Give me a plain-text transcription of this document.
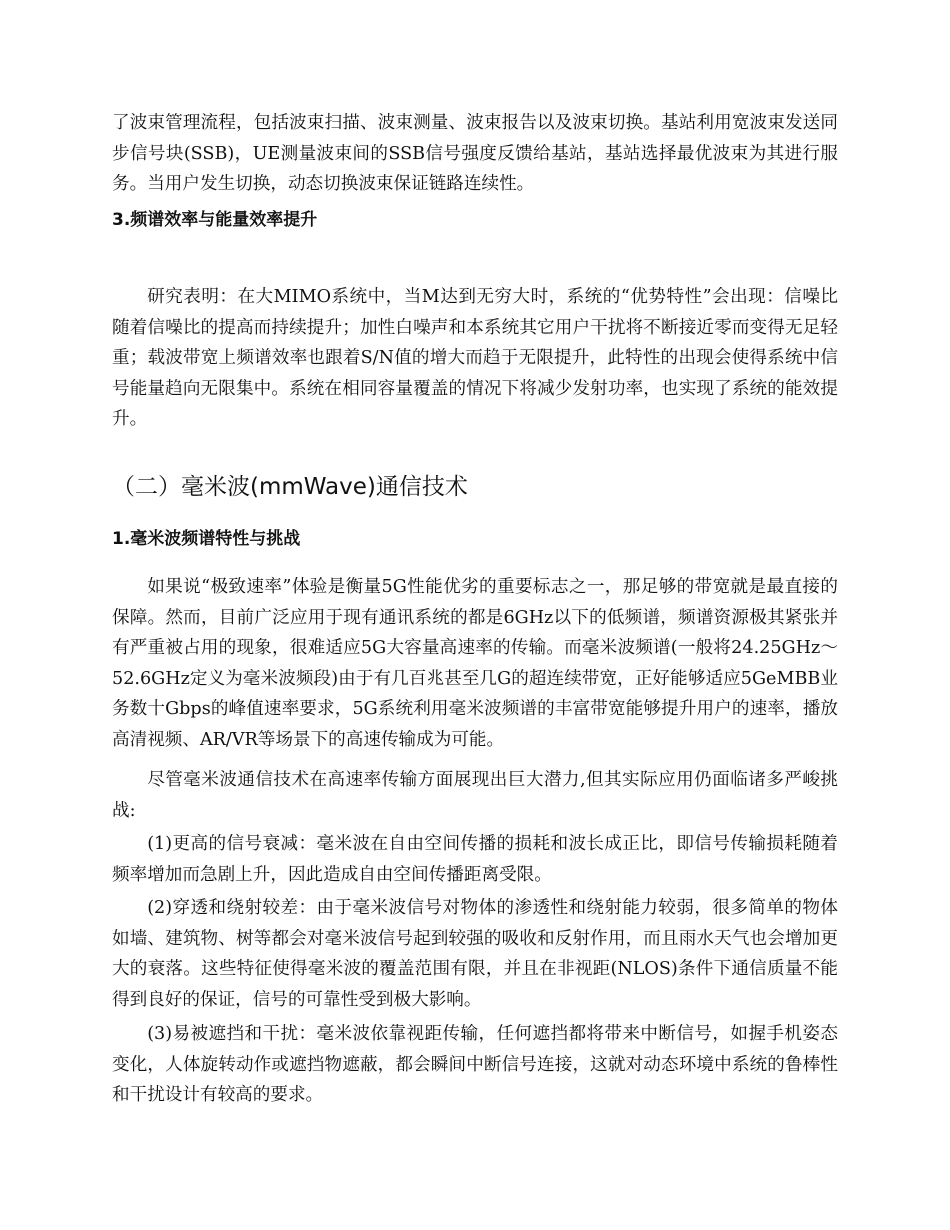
了波束管理流程，包括波束扫描、波束测量、波束报告以及波束切换。基站利用宽波束发送同步信号块(SSB)，UE测量波束间的SSB信号强度反馈给基站，基站选择最优波束为其进行服务。当用户发生切换，动态切换波束保证链路连续性。

3.频谱效率与能量效率提升

研究表明：在大MIMO系统中，当M达到无穷大时，系统的“优势特性”会出现：信噪比随着信噪比的提高而持续提升；加性白噪声和本系统其它用户干扰将不断接近零而变得无足轻重；载波带宽上频谱效率也跟着S/N值的增大而趋于无限提升，此特性的出现会使得系统中信号能量趋向无限集中。系统在相同容量覆盖的情况下将减少发射功率，也实现了系统的能效提升。

（二）毫米波(mmWave)通信技术
1.毫米波频谱特性与挑战

如果说“极致速率”体验是衡量5G性能优劣的重要标志之一，那足够的带宽就是最直接的保障。然而，目前广泛应用于现有通讯系统的都是6GHz以下的低频谱，频谱资源极其紧张并有严重被占用的现象，很难适应5G大容量高速率的传输。而毫米波频谱(一般将24.25GHz～52.6GHz定义为毫米波频段)由于有几百兆甚至几G的超连续带宽，正好能够适应5GeMBB业务数十Gbps的峰值速率要求，5G系统利用毫米波频谱的丰富带宽能够提升用户的速率，播放高清视频、AR/VR等场景下的高速传输成为可能。

尽管毫米波通信技术在高速率传输方面展现出巨大潜力,但其实际应用仍面临诸多严峻挑战:

(1)更高的信号衰减：毫米波在自由空间传播的损耗和波长成正比，即信号传输损耗随着频率增加而急剧上升，因此造成自由空间传播距离受限。

(2)穿透和绕射较差：由于毫米波信号对物体的渗透性和绕射能力较弱，很多简单的物体如墙、建筑物、树等都会对毫米波信号起到较强的吸收和反射作用，而且雨水天气也会增加更大的衰落。这些特征使得毫米波的覆盖范围有限，并且在非视距(NLOS)条件下通信质量不能得到良好的保证，信号的可靠性受到极大影响。

(3)易被遮挡和干扰：毫米波依靠视距传输，任何遮挡都将带来中断信号，如握手机姿态变化，人体旋转动作或遮挡物遮蔽，都会瞬间中断信号连接，这就对动态环境中系统的鲁棒性和干扰设计有较高的要求。
